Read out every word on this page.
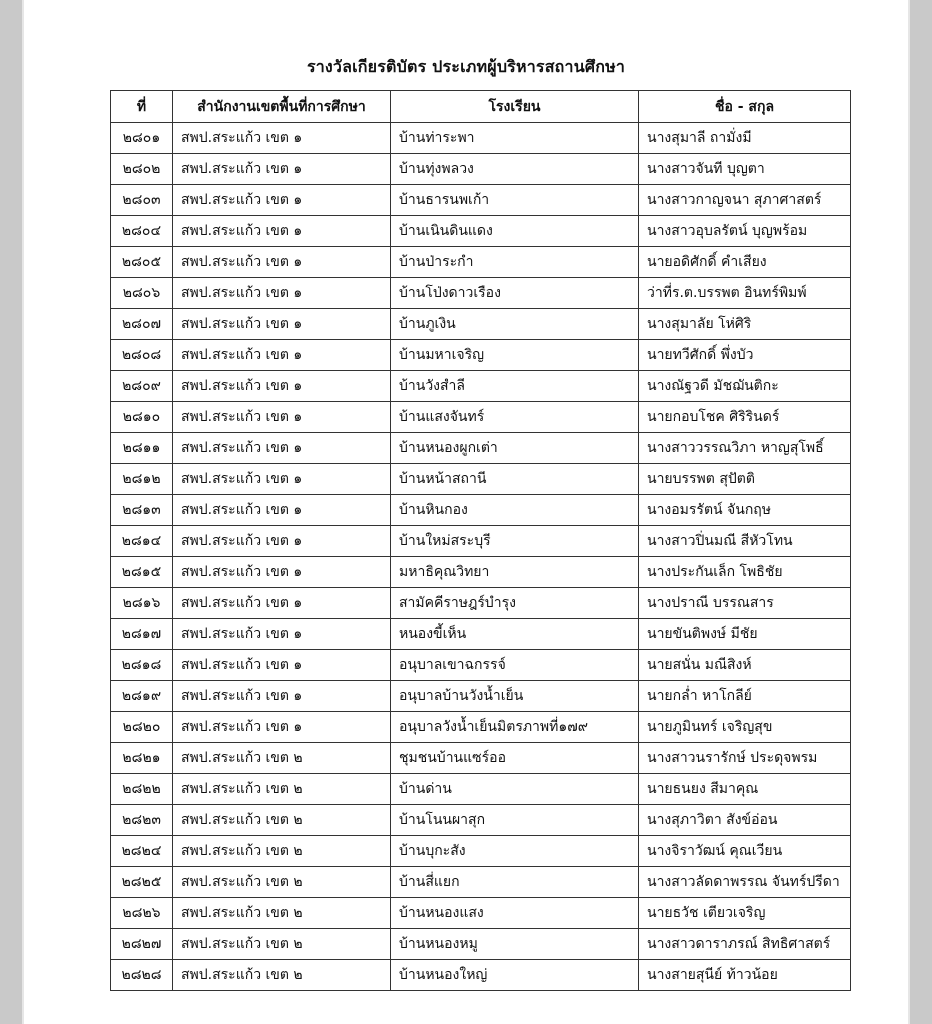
รางวัลเกียรติบัตร ประเภทผู้บริหารสถานศึกษา
ที่	สำนักงานเขตพื้นที่การศึกษา	โรงเรียน	ชื่อ - สกุล
๒๘๐๑	สพป.สระแก้ว เขต ๑	บ้านท่าระพา	นางสุมาลี ถามั่งมี
๒๘๐๒	สพป.สระแก้ว เขต ๑	บ้านทุ่งพลวง	นางสาวจันที บุญตา
๒๘๐๓	สพป.สระแก้ว เขต ๑	บ้านธารนพเก้า	นางสาวกาญจนา สุภาศาสตร์
๒๘๐๔	สพป.สระแก้ว เขต ๑	บ้านเนินดินแดง	นางสาวอุบลรัตน์ บุญพร้อม
๒๘๐๕	สพป.สระแก้ว เขต ๑	บ้านป่าระกำ	นายอดิศักดิ์ คำเสียง
๒๘๐๖	สพป.สระแก้ว เขต ๑	บ้านโป่งดาวเรือง	ว่าที่ร.ต.บรรพต อินทร์พิมพ์
๒๘๐๗	สพป.สระแก้ว เขต ๑	บ้านภูเงิน	นางสุมาลัย โห่ศิริ
๒๘๐๘	สพป.สระแก้ว เขต ๑	บ้านมหาเจริญ	นายทวีศักดิ์ พึ่งบัว
๒๘๐๙	สพป.สระแก้ว เขต ๑	บ้านวังสำลี	นางณัฐวดี มัชฌันติกะ
๒๘๑๐	สพป.สระแก้ว เขต ๑	บ้านแสงจันทร์	นายกอบโชค ศิริรินดร์
๒๘๑๑	สพป.สระแก้ว เขต ๑	บ้านหนองผูกเต่า	นางสาววรรณวิภา หาญสุโพธิ์
๒๘๑๒	สพป.สระแก้ว เขต ๑	บ้านหน้าสถานี	นายบรรพต สุปัตติ
๒๘๑๓	สพป.สระแก้ว เขต ๑	บ้านหินกอง	นางอมรรัตน์ จันกฤษ
๒๘๑๔	สพป.สระแก้ว เขต ๑	บ้านใหม่สระบุรี	นางสาวปิ่นมณี สีหัวโทน
๒๘๑๕	สพป.สระแก้ว เขต ๑	มหาธิคุณวิทยา	นางประกันเล็ก โพธิชัย
๒๘๑๖	สพป.สระแก้ว เขต ๑	สามัคคีราษฎร์บำรุง	นางปราณี บรรณสาร
๒๘๑๗	สพป.สระแก้ว เขต ๑	หนองขี้เห็น	นายขันติพงษ์ มีชัย
๒๘๑๘	สพป.สระแก้ว เขต ๑	อนุบาลเขาฉกรรจ์	นายสนั่น มณีสิงห์
๒๘๑๙	สพป.สระแก้ว เขต ๑	อนุบาลบ้านวังน้ำเย็น	นายกล่ำ หาโกลีย์
๒๘๒๐	สพป.สระแก้ว เขต ๑	อนุบาลวังน้ำเย็นมิตรภาพที่๑๗๙	นายภูมินทร์ เจริญสุข
๒๘๒๑	สพป.สระแก้ว เขต ๒	ชุมชนบ้านแซร์ออ	นางสาวนรารักษ์ ประดุจพรม
๒๘๒๒	สพป.สระแก้ว เขต ๒	บ้านด่าน	นายธนยง สีมาคุณ
๒๘๒๓	สพป.สระแก้ว เขต ๒	บ้านโนนผาสุก	นางสุภาวิตา สังข์อ่อน
๒๘๒๔	สพป.สระแก้ว เขต ๒	บ้านบุกะสัง	นางจิราวัฒน์ คุณเวียน
๒๘๒๕	สพป.สระแก้ว เขต ๒	บ้านสี่แยก	นางสาวลัดดาพรรณ จันทร์ปรีดา
๒๘๒๖	สพป.สระแก้ว เขต ๒	บ้านหนองแสง	นายธวัช เตียวเจริญ
๒๘๒๗	สพป.สระแก้ว เขต ๒	บ้านหนองหมู	นางสาวดาราภรณ์ สิทธิศาสตร์
๒๘๒๘	สพป.สระแก้ว เขต ๒	บ้านหนองใหญ่	นางสายสุนีย์ ท้าวน้อย
